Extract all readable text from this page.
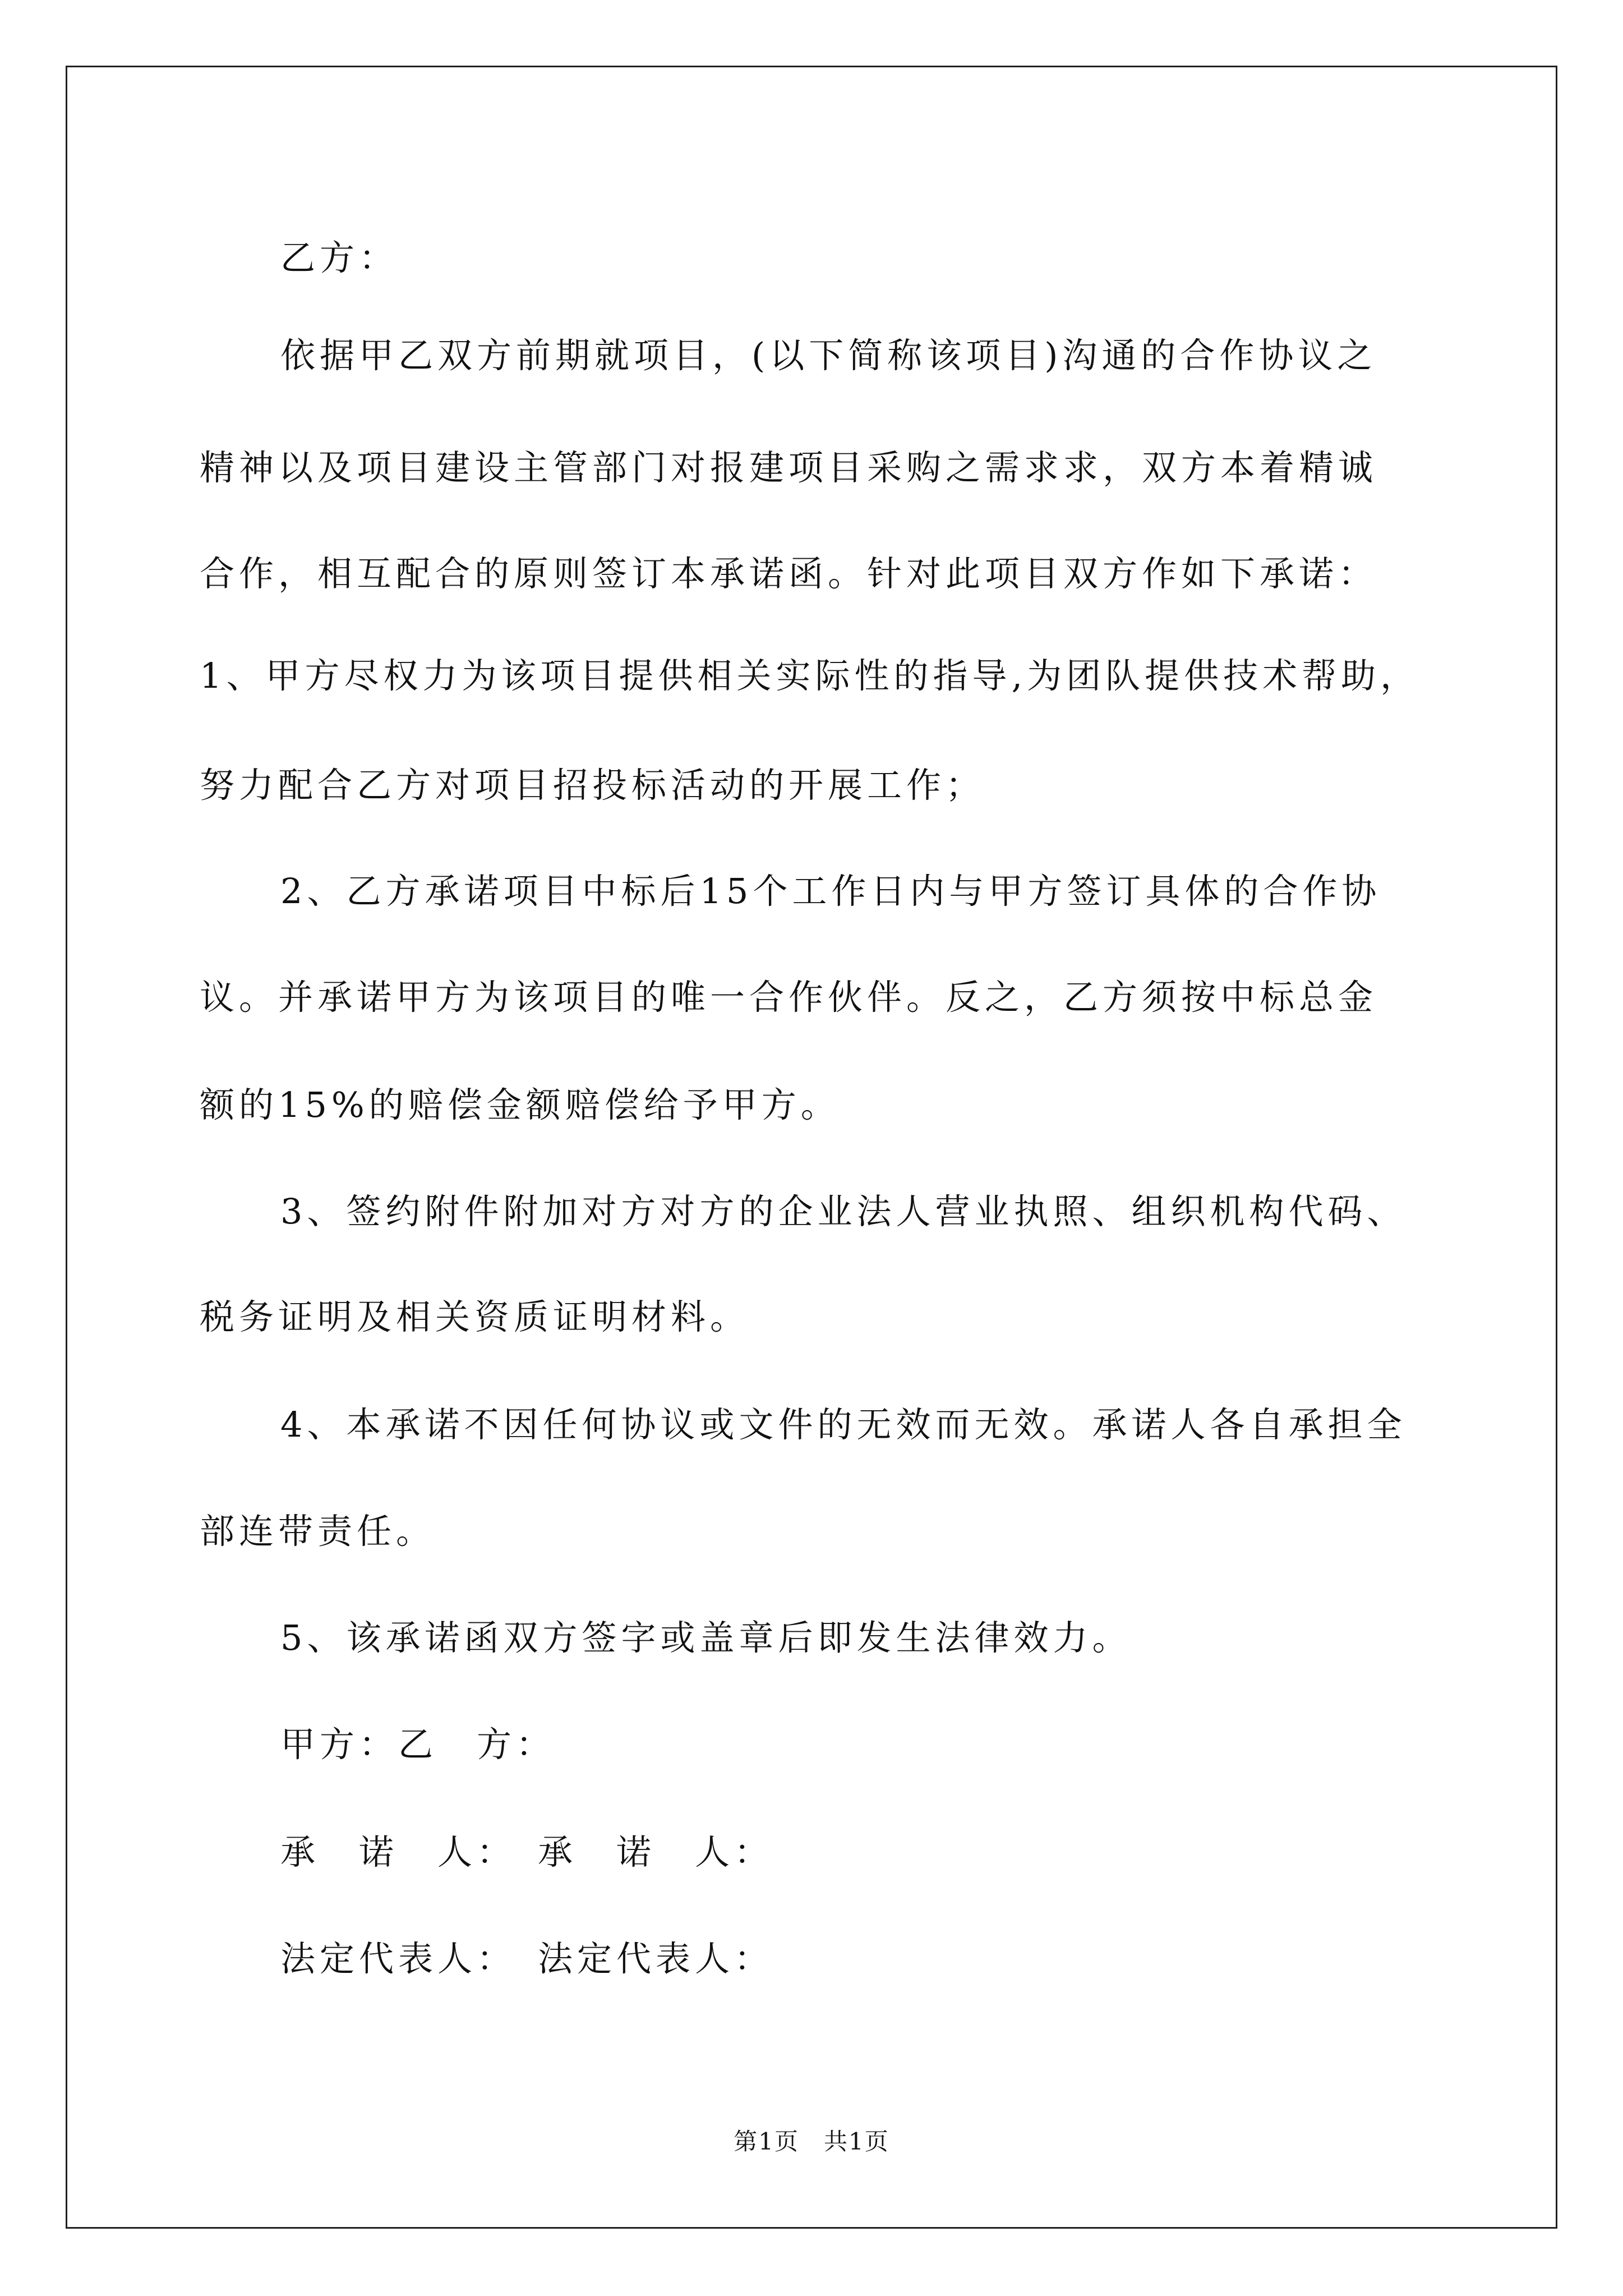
乙方：

依据甲乙双方前期就项目，(以下简称该项目)沟通的合作协议之

精神以及项目建设主管部门对报建项目采购之需求求，双方本着精诚

合作，相互配合的原则签订本承诺函。针对此项目双方作如下承诺：

1、甲方尽权力为该项目提供相关实际性的指导,为团队提供技术帮助，

努力配合乙方对项目招投标活动的开展工作；

2、乙方承诺项目中标后15个工作日内与甲方签订具体的合作协

议。并承诺甲方为该项目的唯一合作伙伴。反之，乙方须按中标总金

额的15%的赔偿金额赔偿给予甲方。

3、签约附件附加对方对方的企业法人营业执照、组织机构代码、

税务证明及相关资质证明材料。

4、本承诺不因任何协议或文件的无效而无效。承诺人各自承担全

部连带责任。

5、该承诺函双方签字或盖章后即发生法律效力。

甲方：乙　方：

承　诺　人：　承　诺　人：

法定代表人：　法定代表人：

第1页　共1页
